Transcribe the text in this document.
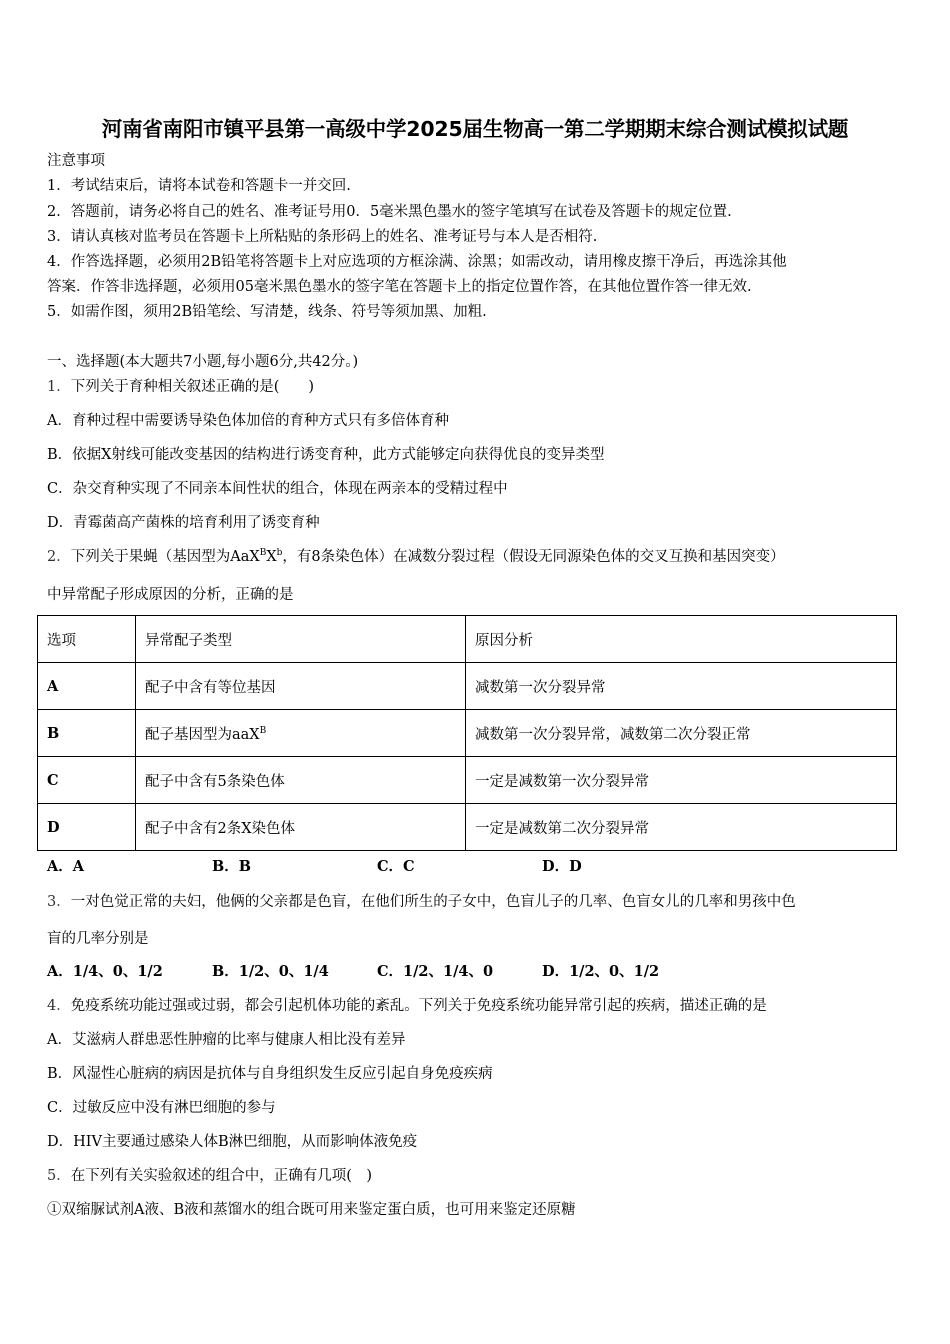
河南省南阳市镇平县第一高级中学2025届生物高一第二学期期末综合测试模拟试题
注意事项
1．考试结束后，请将本试卷和答题卡一并交回.
2．答题前，请务必将自己的姓名、准考证号用0．5毫米黑色墨水的签字笔填写在试卷及答题卡的规定位置.
3．请认真核对监考员在答题卡上所粘贴的条形码上的姓名、准考证号与本人是否相符.
4．作答选择题，必须用2B铅笔将答题卡上对应选项的方框涂满、涂黑；如需改动，请用橡皮擦干净后，再选涂其他
答案．作答非选择题，必须用05毫米黑色墨水的签字笔在答题卡上的指定位置作答，在其他位置作答一律无效.
5．如需作图，须用2B铅笔绘、写清楚，线条、符号等须加黑、加粗.
一、选择题(本大题共7小题,每小题6分,共42分。)
1．下列关于育种相关叙述正确的是(　　)
A．育种过程中需要诱导染色体加倍的育种方式只有多倍体育种
B．依据X射线可能改变基因的结构进行诱变育种，此方式能够定向获得优良的变异类型
C．杂交育种实现了不同亲本间性状的组合，体现在两亲本的受精过程中
D．青霉菌高产菌株的培育利用了诱变育种
2．下列关于果蝇（基因型为$AaX^BX^b$，有8条染色体）在减数分裂过程（假设无同源染色体的交叉互换和基因突变）
中异常配子形成原因的分析，正确的是
选项	异常配子类型	原因分析
A	配子中含有等位基因	减数第一次分裂异常
B	配子基因型为aaX$^B$	减数第一次分裂异常，减数第二次分裂正常
C	配子中含有5条染色体	一定是减数第一次分裂异常
D	配子中含有2条X染色体	一定是减数第二次分裂异常
A．A	B．B	C．C	D．D
3．一对色觉正常的夫妇，他俩的父亲都是色盲，在他们所生的子女中，色盲儿子的几率、色盲女儿的几率和男孩中色
盲的几率分别是
A．1/4、0、1/2	B．1/2、0、1/4	C．1/2、1/4、0	D．1/2、0、1/2
4．免疫系统功能过强或过弱，都会引起机体功能的紊乱。下列关于免疫系统功能异常引起的疾病，描述正确的是
A．艾滋病人群患恶性肿瘤的比率与健康人相比没有差异
B．风湿性心脏病的病因是抗体与自身组织发生反应引起自身免疫疾病
C．过敏反应中没有淋巴细胞的参与
D．HIV主要通过感染人体B淋巴细胞，从而影响体液免疫
5．在下列有关实验叙述的组合中，正确有几项(　)
①双缩脲试剂A液、B液和蒸馏水的组合既可用来鉴定蛋白质，也可用来鉴定还原糖
